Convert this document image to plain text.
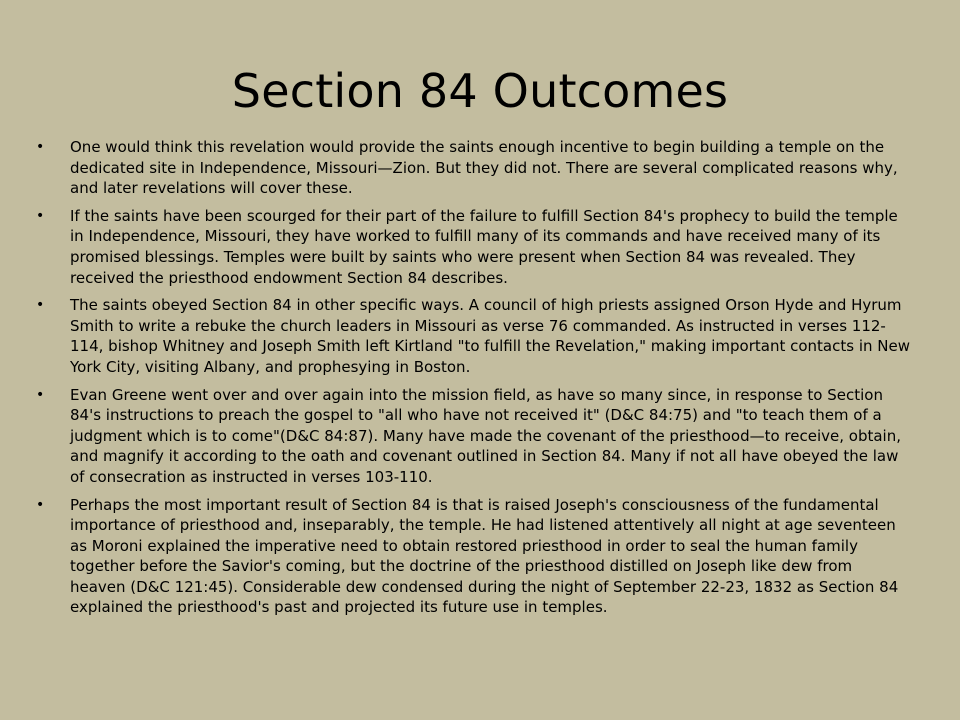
Section 84 Outcomes
• One would think this revelation would provide the saints enough incentive to begin building a temple on the dedicated site in Independence, Missouri—Zion. But they did not. There are several complicated reasons why, and later revelations will cover these.
• If the saints have been scourged for their part of the failure to fulfill Section 84's prophecy to build the temple in Independence, Missouri, they have worked to fulfill many of its commands and have received many of its promised blessings. Temples were built by saints who were present when Section 84 was revealed. They received the priesthood endowment Section 84 describes.
• The saints obeyed Section 84 in other specific ways. A council of high priests assigned Orson Hyde and Hyrum Smith to write a rebuke the church leaders in Missouri as verse 76 commanded. As instructed in verses 112-114, bishop Whitney and Joseph Smith left Kirtland "to fulfill the Revelation," making important contacts in New York City, visiting Albany, and prophesying in Boston.
• Evan Greene went over and over again into the mission field, as have so many since, in response to Section 84's instructions to preach the gospel to "all who have not received it" (D&C 84:75) and "to teach them of a judgment which is to come"(D&C 84:87). Many have made the covenant of the priesthood—to receive, obtain, and magnify it according to the oath and covenant outlined in Section 84. Many if not all have obeyed the law of consecration as instructed in verses 103-110.
• Perhaps the most important result of Section 84 is that is raised Joseph's consciousness of the fundamental importance of priesthood and, inseparably, the temple. He had listened attentively all night at age seventeen as Moroni explained the imperative need to obtain restored priesthood in order to seal the human family together before the Savior's coming, but the doctrine of the priesthood distilled on Joseph like dew from heaven (D&C 121:45). Considerable dew condensed during the night of September 22-23, 1832 as Section 84 explained the priesthood's past and projected its future use in temples.
